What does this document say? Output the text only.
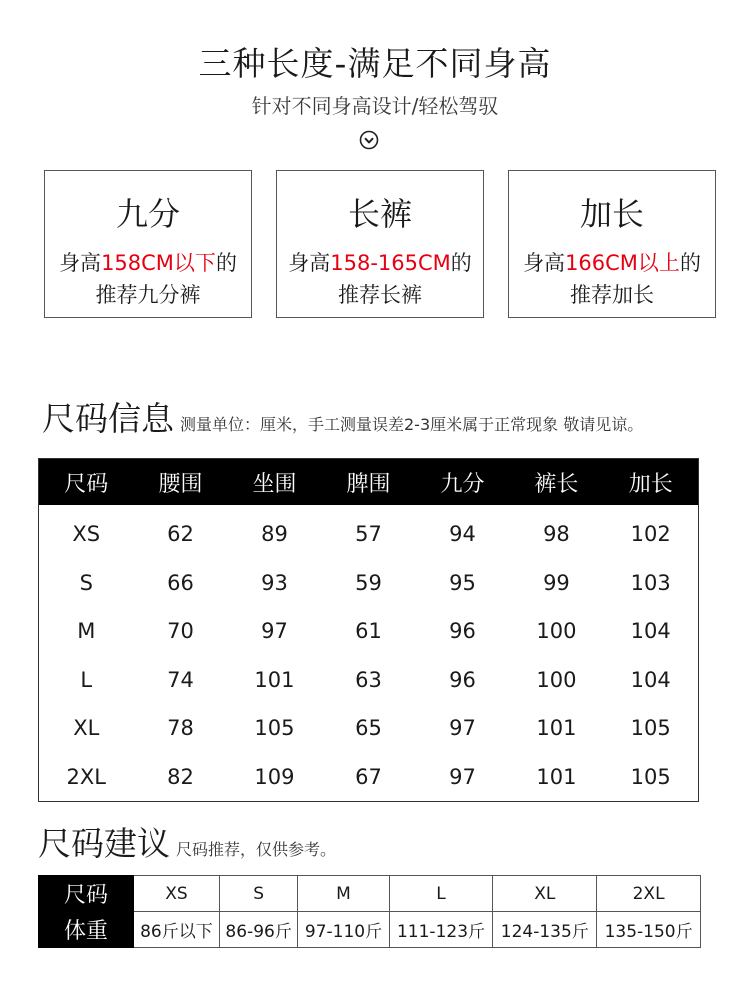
三种长度-满足不同身高
针对不同身高设计/轻松驾驭
九分
身高158CM以下的
推荐九分裤
长裤
身高158-165CM的
推荐长裤
加长
身高166CM以上的
推荐加长
尺码信息 测量单位：厘米，手工测量误差2-3厘米属于正常现象 敬请见谅。
尺码	腰围	坐围	脾围	九分	裤长	加长
XS	62	89	57	94	98	102
S	66	93	59	95	99	103
M	70	97	61	96	100	104
L	74	101	63	96	100	104
XL	78	105	65	97	101	105
2XL	82	109	67	97	101	105
尺码建议 尺码推荐，仅供参考。
尺码	XS	S	M	L	XL	2XL
体重	86斤以下	86-96斤	97-110斤	111-123斤	124-135斤	135-150斤
